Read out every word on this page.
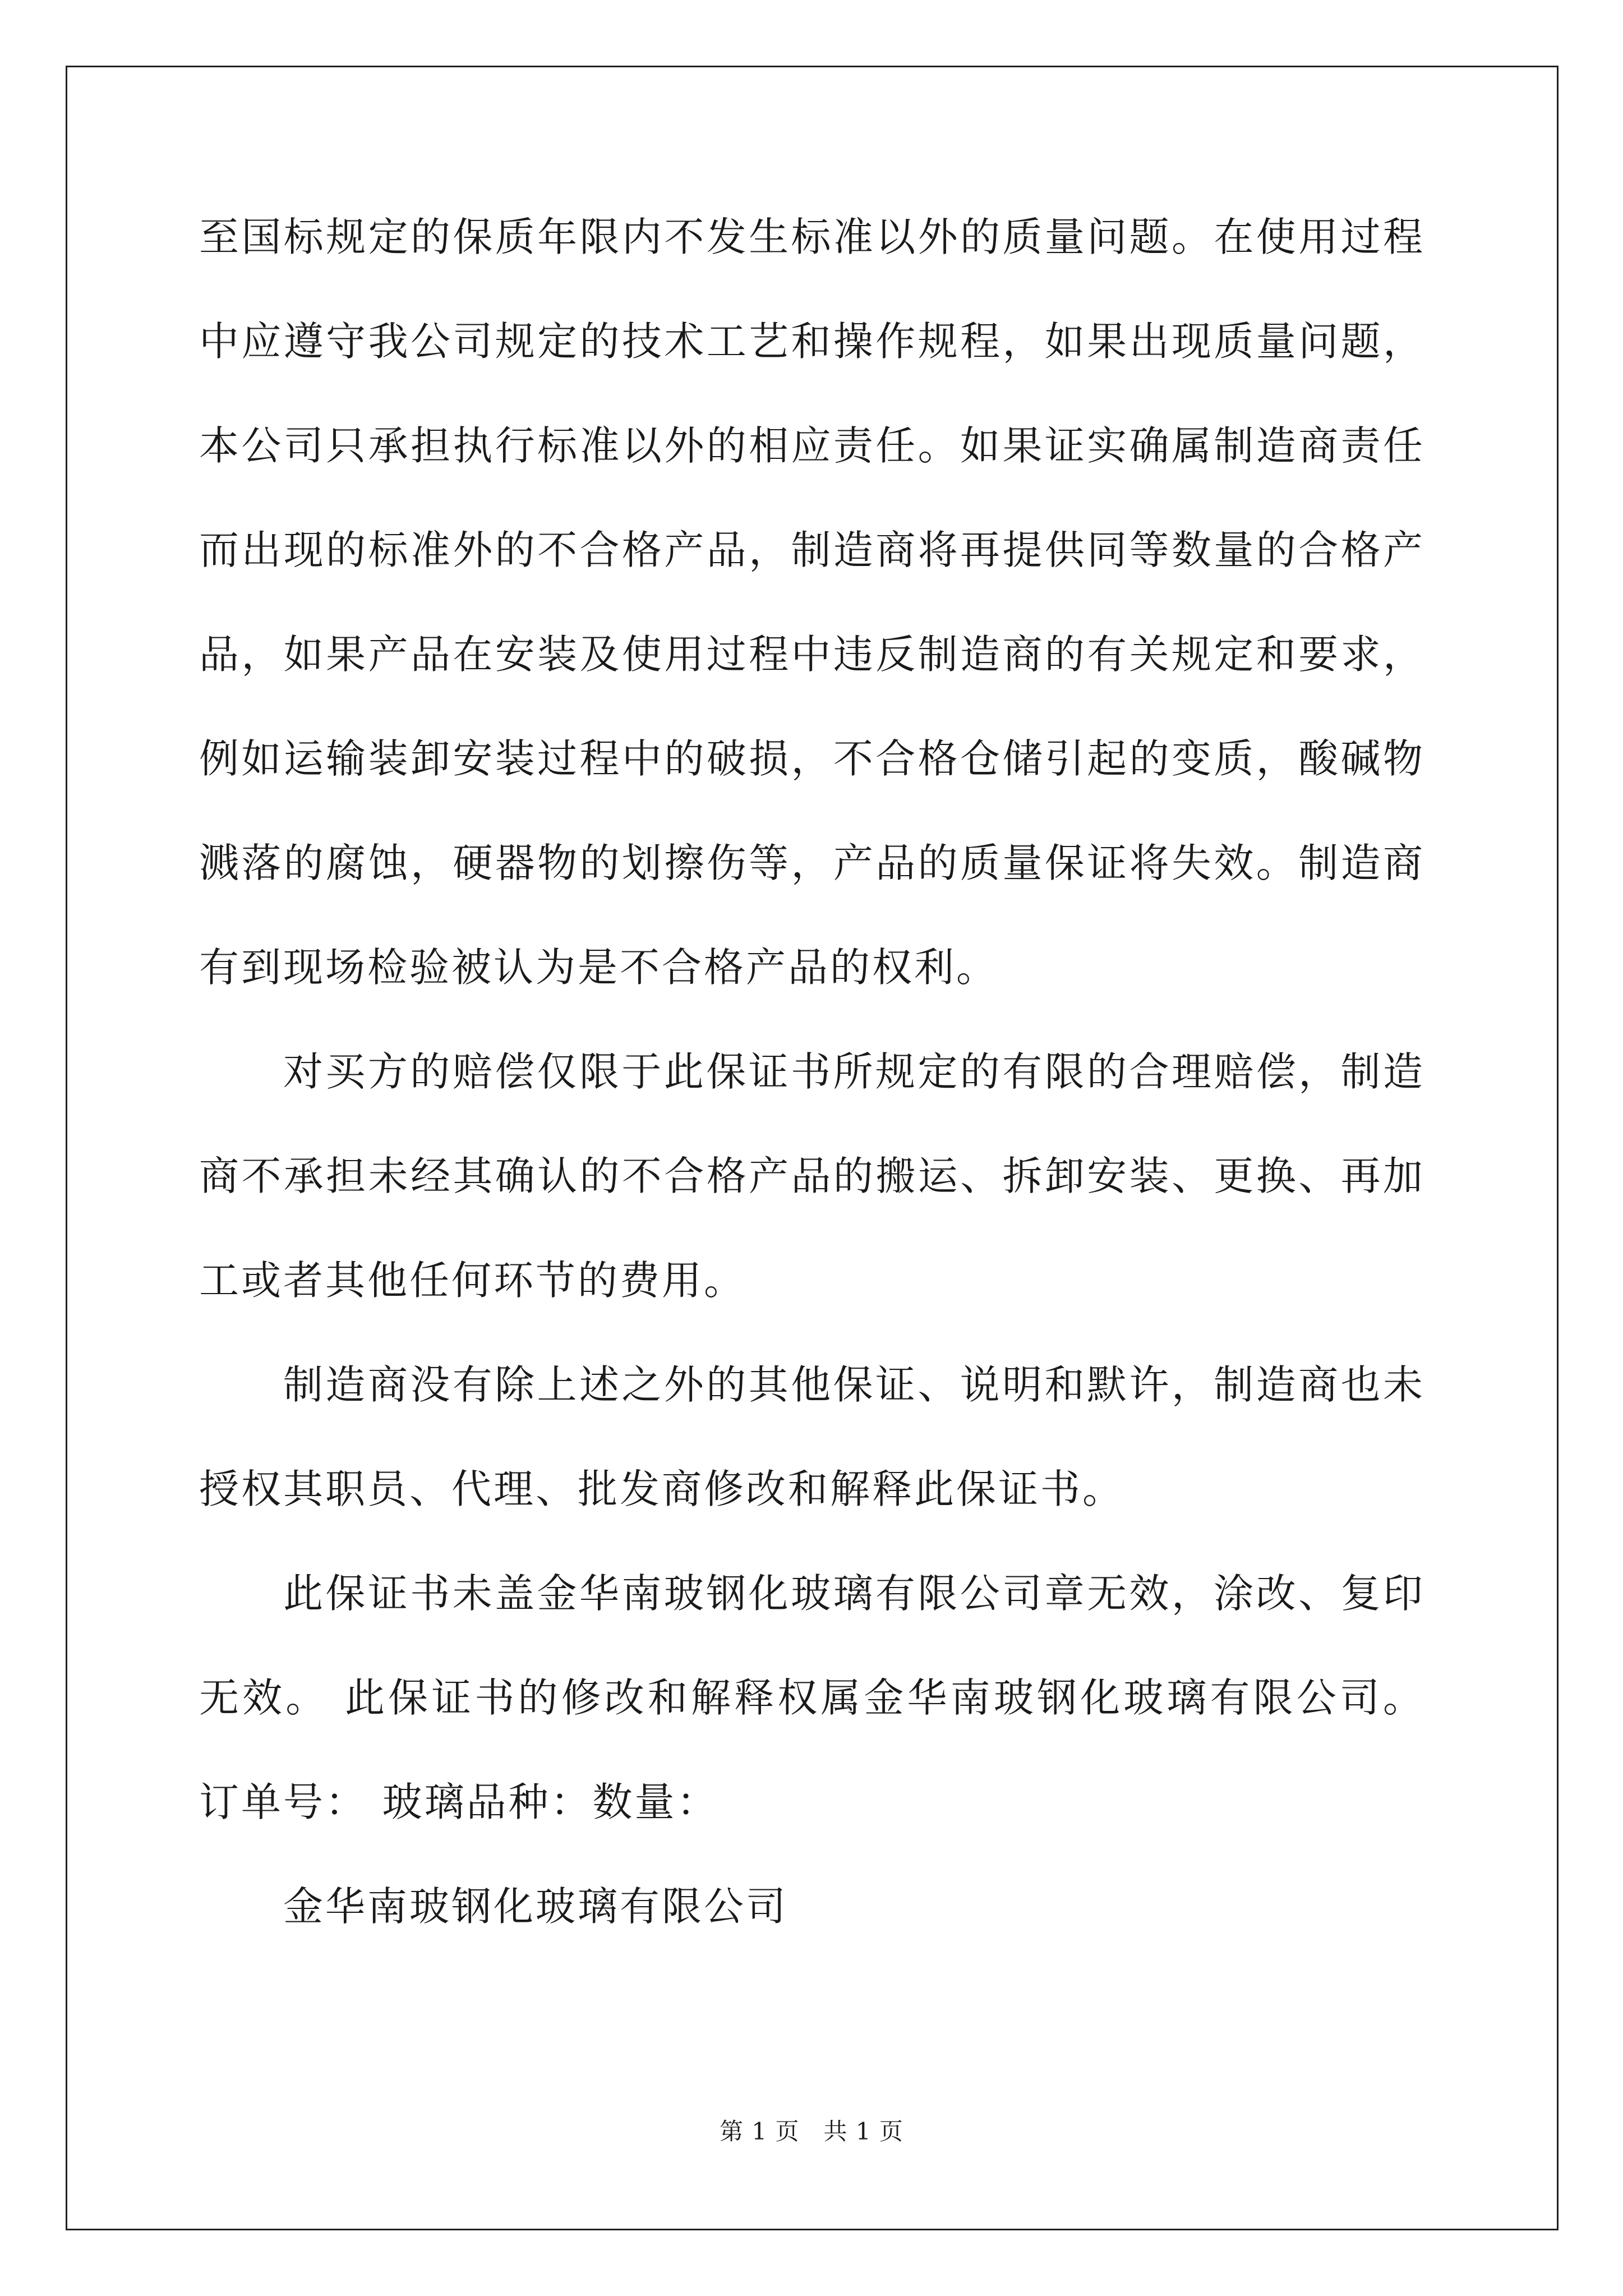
至国标规定的保质年限内不发生标准以外的质量问题。在使用过程中应遵守我公司规定的技术工艺和操作规程，如果出现质量问题，本公司只承担执行标准以外的相应责任。如果证实确属制造商责任而出现的标准外的不合格产品，制造商将再提供同等数量的合格产品，如果产品在安装及使用过程中违反制造商的有关规定和要求，例如运输装卸安装过程中的破损，不合格仓储引起的变质，酸碱物溅落的腐蚀，硬器物的划擦伤等，产品的质量保证将失效。制造商有到现场检验被认为是不合格产品的权利。

对买方的赔偿仅限于此保证书所规定的有限的合理赔偿，制造商不承担未经其确认的不合格产品的搬运、拆卸安装、更换、再加工或者其他任何环节的费用。

制造商没有除上述之外的其他保证、说明和默许，制造商也未授权其职员、代理、批发商修改和解释此保证书。

此保证书未盖金华南玻钢化玻璃有限公司章无效，涂改、复印无效。 此保证书的修改和解释权属金华南玻钢化玻璃有限公司。 订单号： 玻璃品种：数量：

金华南玻钢化玻璃有限公司

第 1 页　共 1 页
